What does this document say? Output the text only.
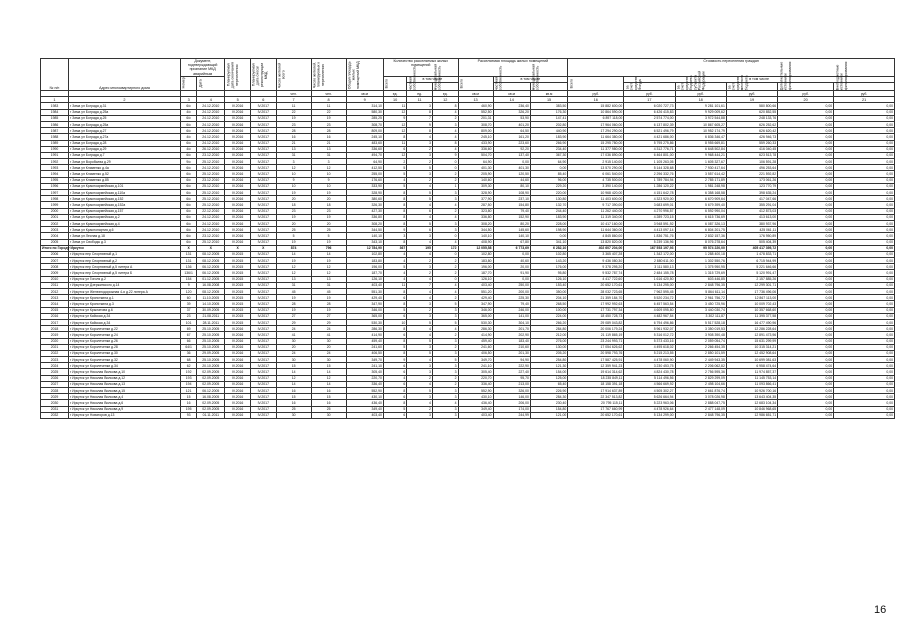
№ п/п	Адрес многоквартирного дома	Документ, подтверждающий признание МКД аварийным		Планируемая дата окончания переселения	Планируемая дата сноса/ реконструкции МКД	Число жителей всего	Число жителей, планируемых к переселению	Общая площадь жилых помещений МКД	Количество расселяемых жилых помещений			Расселяемая площадь жилых помещений			Стоимость переселения граждан					
		Номер	Дата						Всего	в том числе		Всего	в том числе		Всего	в том числе				
										частная собственность	муниципальная собственность		частная собственность	муниципальная собственность		за счет средств Фонда	за счет средств бюджета субъекта Российской Федерации	за счет средств местного бюджета	Дополнительные источники финансирования	Внебюджетные источники финансирования
						чел.	чел.	кв.м	ед.	ед.	ед.	кв.м	кв.м	кв.м	руб.	руб.	руб.	руб.	руб.	руб.
1	2	3	4	5	6	7	8	9	10	11	12	13	14	15	16	17	18	19	20	21
1983	г Зима ул Бограда д.31	6/с	24.12.2010	IV.2016	IV.2017	11	11	314,10	11	3	8	460,90	236,40	383,50	15 882 600,00	6 020 727,73	9 281 101,61	580 800,66	0,00	0,00
1984	г Зима ул Бограда д.25а	4/с	24.12.2010	IV.2016	IV.2017	22	22	580,30	12	8	4	552,50	326,20	176,30	10 864 590,00	6 426 415,83	9 929 009,62	620 852,55	0,00	0,00
1985	г Зима ул Бограда д.25	6/с	24.12.2010	IV.2016	IV.2017	19	19	285,25	9	7	2	201,31	53,90	147,41	6 897 118,00	2 574 774,00	3 972 544,88	248 133,76	0,00	0,00
1986	г Зима ул Бограда д.25а	6/с	24.12.2010	IV.2016	IV.2017	23	23	308,70	12	9	3	308,70	401,20	202,80	17 964 060,00	6 137 802,39	10 867 605,27	626 252,62	0,00	0,00
1987	г Зима ул Бограда д.27	6/с	24.12.2010	IV.2016	IV.2017	28	28	809,00	12	8	4	809,00	64,50	440,90	17 294 290,00	6 521 496,79	10 952 174,79	626 620,42	0,00	0,00
1988	г Зима ул Бограда д.27а	4/с	24.12.2010	IV.2016	IV.2017	16	16	245,10	8	4	4	245,10	161,20	183,90	11 664 380,00	4 421 686,00	6 836 346,47	426 946,73	0,00	0,00
1989	г Зима ул Бограда д.28	6/с	24.12.2010	IV.2016	IV.2017	21	21	483,60	11	3	8	433,90	223,60	266,90	15 295 780,00	5 795 275,86	8 955 669,81	559 260,33	0,00	0,00
1990	г Зима ул Бограда д.29	4/с	26.12.2010	IV.2016	IV.2017	13	13	336,60	6	2	4	336,60	92,20	234,40	11 377 980,00	4 312 776,71	6 648 502,84	416 040,45	0,00	0,00
1991	г Зима ул Бограда д.7	6/с	23.12.2010	IV.2016	IV.2017	31	31	494,70	12	3	9	504,70	137,40	367,30	17 036 890,00	6 464 801,00	9 968 444,21	623 513,78	0,00	0,00
1992	г Зима ул Воробьева д.29	9/с	25.12.2010	IV.2016	IV.2017	3	3	64,90	2	2	0	64,90	0,00	64,90	2 915 140,00	1 105 263,05	1 605 327,67	106 591,28	0,00	0,00
1993	г Зима ул Клименко д.4а	6/с	24.12.2010	IV.2016	IV.2017	12	12	412,50	5	5	0	401,30	401,30	0,00	13 570 290,00	5 144 328,68	7 930 417,64	496 253,64	0,00	0,00
1994	г Зима ул Клименко д.52	6/с	25.12.2010	IV.2016	IV.2017	10	10	255,00	5	3	2	205,90	120,50	85,40	6 061 540,00	2 296 332,76	3 557 614,42	221 592,82	0,00	0,00
1995	г Зима ул Клименко д.85	6/с	23.12.2010	IV.2016	IV.2017	9	9	176,60	4	2	2	140,60	44,60	96,00	4 735 500,00	1 789 784,94	2 785 171,89	173 061,26	0,00	0,00
1996	г Зима ул Красноармейская д.101	6/с	25.12.2010	IV.2016	IV.2017	10	10	333,90	5	4	1	309,30	80,10	229,20	3 390 140,00	1 286 120,22	1 981 248,98	123 770,79	0,00	0,00
1997	г Зима ул Красноармейская д.110а	6/с	25.12.2010	IV.2016	IV.2017	19	19	328,90	8	5	3	328,90	108,90	220,00	10 968 420,00	4 151 642,78	6 358 168,58	398 635,24	0,00	0,00
1998	г Зима ул Красноармейская д.152	6/с	25.12.2010	IV.2016	IV.2017	20	20	380,60	8	5	3	377,90	237,10	130,80	11 403 600,00	4 323 920,00	6 670 909,64	417 047,66	0,00	0,00
1999	г Зима ул Красноармейская д.152а	6/с	25.12.2010	IV.2016	IV.2017	18	18	326,30	8	4	4	287,50	154,80	132,70	9 717 390,00	3 683 699,01	5 679 399,40	355 291,04	0,00	0,00
2000	г Зима ул Красноармейская д.157	6/с	22.12.2010	IV.2016	IV.2017	23	23	427,30	8	6	2	323,80	79,40	244,40	11 262 440,00	4 270 996,57	6 592 990,04	412 873,03	0,00	0,00
2001	г Зима ул Красноармейская д.2	6/с	24.12.2010	IV.2016	IV.2017	19	19	336,80	8	4	4	336,80	152,90	183,90	11 319 340,00	4 289 723,15	6 615 736,69	413 613,00	0,00	0,00
2002	г Зима ул Красноармейская д.4	6/с	24.12.2010	IV.2016	IV.2017	20	20	308,20	8	5	3	308,20	80,20	228,00	10 417 160,00	3 948 591,92	6 087 326,13	380 937,96	0,00	0,00
2003	г Зима ул Краснопартия д.6	6/с	24.12.2010	IV.2016	IV.2017	25	25	344,50	9	6	3	344,50	145,60	198,90	11 644 360,00	4 413 097,14	6 804 201,75	425 061,11	0,00	0,00
2004	г Зима ул Лесная д.18	6/с	23.12.2010	IV.2016	IV.2017	5	5	140,10	3	3	0	140,10	140,10	0,00	4 845 860,00	1 836 751,76	2 832 157,36	176 950,89	0,00	0,00
2005	г Зима ул Свободы д.3	6/с	25.12.2010	IV.2016	IV.2017	19	19	343,10	8	4	4	408,90	67,80	341,10	13 820 820,00	5 239 136,96	8 076 278,64	505 404,39	0,00	0,00
Итого по Городу Иркутск		X	X	X	X	874	796	12 784,90	367	195	172	12 055,58	6 773,69	6 282,10	402 607 204,00	167 553 197,93	95 574 220,00	405 417 395,72	0,00	0,00
2006	г Иркутск пер Спортивный д.1	131	08.12.2005	IV.2015	IV.2017	14	14	102,80	4	4	0	102,80	0,00	102,80	3 365 407,28	1 342 172,00	1 288 400,18	1 478 833,71	0,00	0,00
2007	г Иркутск пер Спортивный д.2	131	08.12.2005	IV.2015	IV.2017	19	19	183,80	4	2	2	183,80	40,60	143,20	9 436 080,30	2 880 611,00	1 302 550,76	6 715 944,99	0,00	0,00
2008	г Иркутск пер Спортивный д.5 литера А	136	06.12.2005	IV.2015	IV.2017	12	12	196,00	5	3	2	196,00	20,00	176,00	9 378 295,20	3 111 580,13	1 375 950,95	5 221 646,66	0,00	0,00
2009	г Иркутск пер Спортивный д.5 литера Б	136/1	06.12.2005	IV.2015	IV.2017	12	12	187,70	4	2	2	187,70	91,90	95,80	9 532 787,74	2 484 155,78	1 315 729,69	5 120 991,47	0,00	0,00
2010	г Иркутск ул Гоголя д.2	154	01.12.2005	IV.2015	IV.2017	13	13	126,10	4	4	0	126,10	0,00	126,10	4 417 722,60	1 616 420,50	603 446,85	2 157 885,26	0,00	0,00
2011	г Иркутск ул Дзержинского д.14	9	16.08.2008	IV.2015	IV.2017	31	31	403,40	11	7	4	403,40	250,00	153,40	20 652 170,61	5 134 295,00	2 848 796,35	12 299 301,71	0,00	0,00
2012	г Иркутск ул Железнодорожная 4-я д.22 литера А	120	08.12.2005	IV.2015	IV.2017	45	45	551,30	8	4	4	551,20	200,00	350,00	28 032 723,65	7 962 595,45	5 864 611,14	17 736 496,06	0,00	0,00
2013	г Иркутск ул Кропоткина д.1	60	11.10.2005	IV.2015	IV.2017	19	19	429,40	6	4	2	429,40	225,30	204,10	21 359 184,70	5 520 234,72	2 961 756,72	12 867 113,00	0,00	0,00
2014	г Иркутск ул Кропоткина д.3	39	14.10.2005	IV.2015	IV.2017	28	28	347,90	8	3	5	347,90	79,40	268,50	17 992 992,63	6 457 563,54	3 450 725,96	10 009 702,43	0,00	0,00
2015	г Иркутск ул Крылатова д.6	37	30.09.2005	IV.2015	IV.2017	19	19	346,00	5	2	3	346,00	246,00	100,00	17 731 797,34	4 609 095,80	3 440 030,74	10 357 668,60	0,00	0,00
2016	г Иркутск ул Кайская д.34	23	21.08.2011	IV.2015	IV.2017	27	27	365,00	6	3	3	365,00	141,00	224,00	18 450 728,73	4 482 967,54	3 302 111,87	11 395 377,58	0,00	0,00
2017	г Иркутск ул Кайская д.34	101	28.11.2011	IV.2015	IV.2017	29	29	530,30	10	5	5	530,30	304,10	266,20	29 089 043,82	6 794 496,86	5 517 528,18	16 477 490,96	0,00	0,00
2018	г Иркутск ул Королеченки д.22	69	25.10.2005	IV.2016	IV.2017	24	24	286,30	8	4	4	286,30	201,70	284,80	20 006 179,24	5 961 932,07	3 350 019,53	12 286 228,64	0,00	0,00
2019	г Иркутск ул Королеченки д.24	67	25.10.2005	IV.2016	IV.2017	41	41	414,90	6	4	2	414,90	202,90	212,00	21 119 865,19	5 316 012,72	3 908 390,48	12 891 473,96	0,00	0,00
2020	г Иркутск ул Королеченки д.26	66	25.10.2005	IV.2016	IV.2017	30	30	459,40	8	5	3	459,40	183,40	276,00	23 244 993,71	5 373 433,16	2 059 054,74	15 631 299,99	0,00	0,00
2021	г Иркутск ул Королеченки д.28	64/1	25.10.2005	IV.2016	IV.2017	20	20	241,60	5	3	2	241,60	210,60	130,00	17 054 626,62	4 495 618,02	2 266 454,35	10 315 314,21	0,00	0,00
2022	г Иркутск ул Королеченки д.30	36	29.09.2005	IV.2016	IV.2017	24	24	406,50	8	5	3	406,50	201,30	205,20	20 598 793,76	5 215 213,55	2 850 101,59	12 452 908,64	0,00	0,00
2023	г Иркутск ул Королеченки д.32	68	25.10.2005	IV.2016	IV.2017	30	30	349,70	9	4	5	349,70	94,90	254,80	17 587 425,91	4 478 060,90	2 449 943,35	10 699 081,63	0,00	0,00
2024	г Иркутск ул Королеченки д.34	62	20.10.2005	IV.2016	IV.2017	15	15	241,10	6	3	3	241,10	222,90	121,30	12 359 941,23	3 230 453,75	2 206 062,82	6 958 474,64	0,00	0,00
2025	г Иркутск ул Николая Вилкова д.10	192	02.09.2005	IV.2016	IV.2017	14	14	305,40	6	3	3	305,40	227,40	154,00	19 614 314,62	4 824 430,78	2 756 595,36	11 974 857,37	0,00	0,00
2026	г Иркутск ул Николая Вилкова д.12	193	02.09.2005	IV.2016	IV.2017	12	12	220,70	4	2	2	220,70	95,70	125,00	18 235 849,11	5 114 496,56	2 829 299,09	11 145 753,14	0,00	0,00
2027	г Иркутск ул Николая Вилкова д.13	194	02.09.2005	IV.2016	IV.2017	14	14	336,40	6	4	2	336,40	213,00	65,40	18 158 391,18	4 566 669,92	2 498 104,66	11 093 866,41	0,00	0,00
2028	г Иркутск ул Николая Вилкова д.15	121	06.12.2005	IV.2016	IV.2017	16	16	552,90	8	5	3	552,90	326,00	226,90	17 914 637,89	4 505 302,27	2 661 876,74	10 926 700,16	0,00	0,00
2029	г Иркутск ул Николая Вилкова д.4	15	16.08.2005	IV.2016	IV.2017	15	15	430,10	6	3	3	430,10	146,00	284,30	22 347 513,82	5 626 664,94	3 078 026,98	13 643 404,35	0,00	0,00
2030	г Иркутск ул Николая Вилкова д.6	16	02.09.2005	IV.2016	IV.2017	16	16	436,40	8	4	4	436,40	206,00	230,40	20 795 115,11	5 223 963,06	2 888 047,75	12 683 104,34	0,00	0,00
2031	г Иркутск ул Николая Вилкова д.9	195	02.09.2005	IV.2016	IV.2017	25	25	349,40	5	2	3	349,40	174,00	154,80	17 767 660,99	4 478 926,64	2 477 148,09	10 846 968,65	0,00	0,00
2032	г Иркутск ул Новаторов д.13	93	01.11.2011	IV.2016	IV.2017	30	30	403,40	6	3	3	403,40	244,99	121,00	20 652 170,61	5 134 299,00	2 848 796,35	12 986 651,71	0,00	0,00
16
